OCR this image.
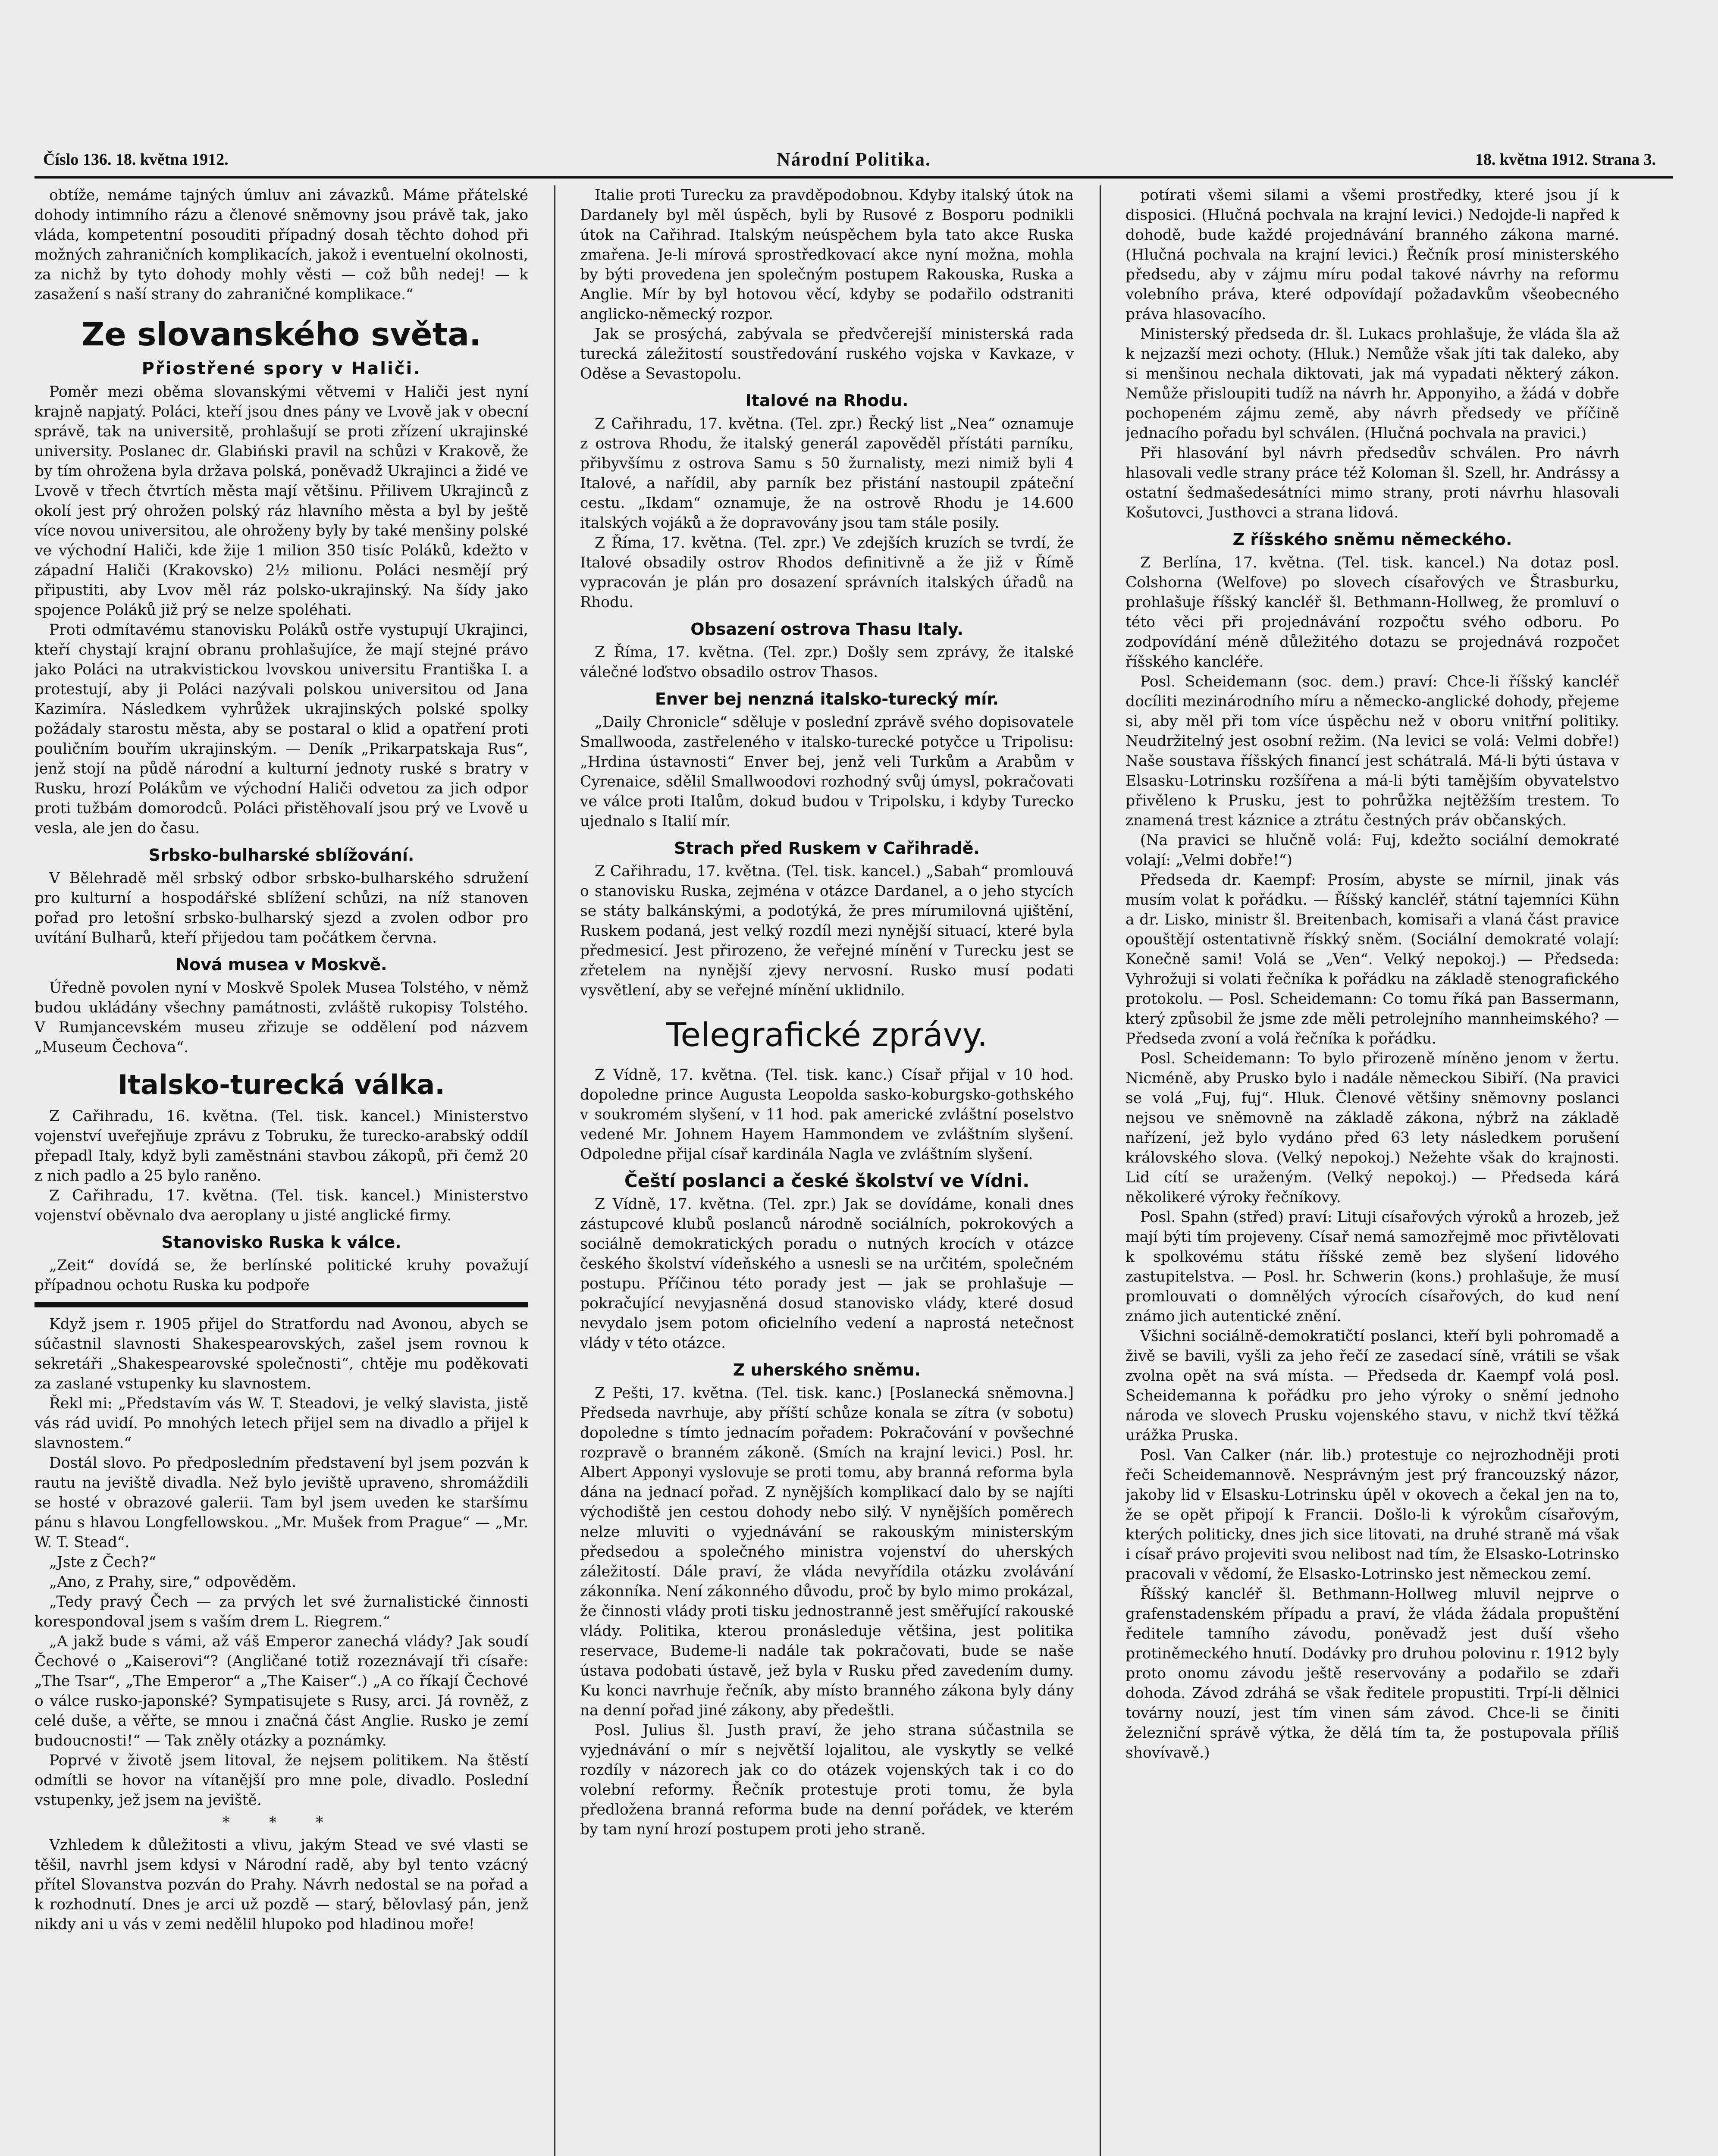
Číslo 136. 18. května 1912.	Národní Politika.	18. května 1912. Strana 3.

obtíže, nemáme tajných úmluv ani závazků. Máme přátelské dohody intimního rázu a členové sněmovny jsou právě tak, jako vláda, kompetentní posouditi případný dosah těchto dohod při možných zahraničních komplikacích, jakož i eventuelní okolnosti, za nichž by tyto dohody mohly věsti — což bůh nedej! — k zasažení s naší strany do zahraničné komplikace.“

Ze slovanského světa.
Přiostřené spory v Haliči.

Poměr mezi oběma slovanskými větvemi v Haliči jest nyní krajně napjatý. Poláci, kteří jsou dnes pány ve Lvově jak v obecní správě, tak na universitě, prohlašují se proti zřízení ukrajinské university. Poslanec dr. Glabiński pravil na schůzi v Krakově, že by tím ohrožena byla država polská, poněvadž Ukrajinci a židé ve Lvově v třech čtvrtích města mají většinu. Přilivem Ukrajinců z okolí jest prý ohrožen polský ráz hlavního města a byl by ještě více novou universitou, ale ohroženy byly by také menšiny polské ve východní Haliči, kde žije 1 milion 350 tisíc Poláků, kdežto v západní Haliči (Krakovsko) 2½ milionu. Poláci nesmějí prý připustiti, aby Lvov měl ráz polsko-ukrajinský. Na šídy jako spojence Poláků již prý se nelze spoléhati.

Proti odmítavému stanovisku Poláků ostře vystupují Ukrajinci, kteří chystají krajní obranu prohlašujíce, že mají stejné právo jako Poláci na utrakvistickou lvovskou universitu Františka I. a protestují, aby ji Poláci nazývali polskou universitou od Jana Kazimíra. Následkem vyhrůžek ukrajinských polské spolky požádaly starostu města, aby se postaral o klid a opatření proti pouličním bouřím ukrajinským. — Deník „Prikarpatskaja Rus“, jenž stojí na půdě národní a kulturní jednoty ruské s bratry v Rusku, hrozí Polákům ve východní Haliči odvetou za jich odpor proti tužbám domorodců. Poláci přistěhovalí jsou prý ve Lvově u vesla, ale jen do času.

Srbsko-bulharské sblížování.

V Bělehradě měl srbský odbor srbsko-bulharského sdružení pro kulturní a hospodářské sblížení schůzi, na níž stanoven pořad pro letošní srbsko-bulharský sjezd a zvolen odbor pro uvítání Bulharů, kteří přijedou tam počátkem června.

Nová musea v Moskvě.

Úředně povolen nyní v Moskvě Spolek Musea Tolstého, v němž budou ukládány všechny památnosti, zvláště rukopisy Tolstého. V Rumjancevském museu zřizuje se oddělení pod názvem „Museum Čechova“.

Italsko-turecká válka.

Z Cařihradu, 16. května. (Tel. tisk. kancel.) Ministerstvo vojenství uveřejňuje zprávu z Tobruku, že turecko-arabský oddíl přepadl Italy, když byli zaměstnáni stavbou zákopů, při čemž 20 z nich padlo a 25 bylo raněno.

Z Cařihradu, 17. května. (Tel. tisk. kancel.) Ministerstvo vojenství oběvnalo dva aeroplany u jisté anglické firmy.

Stanovisko Ruska k válce.

„Zeit“ dovídá se, že berlínské politické kruhy považují případnou ochotu Ruska ku podpoře

Když jsem r. 1905 přijel do Stratfordu nad Avonou, abych se súčastnil slavnosti Shakespearovských, zašel jsem rovnou k sekretáři „Shakespearovské společnosti“, chtěje mu poděkovati za zaslané vstupenky ku slavnostem.

Řekl mi: „Představím vás W. T. Steadovi, je velký slavista, jistě vás rád uvidí. Po mnohých letech přijel sem na divadlo a přijel k slavnostem.“

Dostál slovo. Po předposledním představení byl jsem pozván k rautu na jeviště divadla. Než bylo jeviště upraveno, shromáždili se hosté v obrazové galerii. Tam byl jsem uveden ke staršímu pánu s hlavou Longfellowskou. „Mr. Mušek from Prague“ — „Mr. W. T. Stead“.

„Jste z Čech?“

„Ano, z Prahy, sire,“ odpověděm.

„Tedy pravý Čech — za prvých let své žurnalistické činnosti korespondoval jsem s vaším drem L. Riegrem.“

„A jakž bude s vámi, až váš Emperor zanechá vlády? Jak soudí Čechové o „Kaiserovi“? (Angličané totiž rozeznávají tři císaře: „The Tsar“, „The Emperor“ a „The Kaiser“.) „A co říkají Čechové o válce rusko-japonské? Sympatisujete s Rusy, arci. Já rovněž, z celé duše, a věřte, se mnou i značná část Anglie. Rusko je zemí budoucnosti!“ — Tak zněly otázky a poznámky.

Poprvé v životě jsem litoval, že nejsem politikem. Na štěstí odmítli se hovor na vítanější pro mne pole, divadlo. Poslední vstupenky, jež jsem na jeviště.

* * *

Vzhledem k důležitosti a vlivu, jakým Stead ve své vlasti se těšil, navrhl jsem kdysi v Národní radě, aby byl tento vzácný přítel Slovanstva pozván do Prahy. Návrh nedostal se na pořad a k rozhodnutí. Dnes je arci už pozdě — starý, bělovlasý pán, jenž nikdy ani u vás v zemi nedělil hlupoko pod hladinou moře!

Italie proti Turecku za pravděpodobnou. Kdyby italský útok na Dardanely byl měl úspěch, byli by Rusové z Bosporu podnikli útok na Cařihrad. Italským neúspěchem byla tato akce Ruska zmařena. Je-li mírová sprostředkovací akce nyní možna, mohla by býti provedena jen společným postupem Rakouska, Ruska a Anglie. Mír by byl hotovou věcí, kdyby se podařilo odstraniti anglicko-německý rozpor.

Jak se prosýchá, zabývala se předvčerejší ministerská rada turecká záležitostí soustředování ruského vojska v Kavkaze, v Oděse a Sevastopolu.

Italové na Rhodu.

Z Cařihradu, 17. května. (Tel. zpr.) Řecký list „Nea“ oznamuje z ostrova Rhodu, že italský generál zapověděl přístáti parníku, přibyvšímu z ostrova Samu s 50 žurnalisty, mezi nimiž byli 4 Italové, a nařídil, aby parník bez přistání nastoupil zpáteční cestu. „Ikdam“ oznamuje, že na ostrově Rhodu je 14.600 italských vojáků a že dopravovány jsou tam stále posily.

Z Říma, 17. května. (Tel. zpr.) Ve zdejších kruzích se tvrdí, že Italové obsadily ostrov Rhodos definitivně a že již v Římě vypracován je plán pro dosazení správních italských úřadů na Rhodu.

Obsazení ostrova Thasu Italy.

Z Říma, 17. května. (Tel. zpr.) Došly sem zprávy, že italské válečné loďstvo obsadilo ostrov Thasos.

Enver bej nenzná italsko-turecký mír.

„Daily Chronicle“ sděluje v poslední zprávě svého dopisovatele Smallwooda, zastřeleného v italsko-turecké potyčce u Tripolisu: „Hrdina ústavnosti“ Enver bej, jenž veli Turkům a Arabům v Cyrenaice, sdělil Smallwoodovi rozhodný svůj úmysl, pokračovati ve válce proti Italům, dokud budou v Tripolsku, i kdyby Turecko ujednalo s Italií mír.

Strach před Ruskem v Cařihradě.

Z Cařihradu, 17. května. (Tel. tisk. kancel.) „Sabah“ promlouvá o stanovisku Ruska, zejména v otázce Dardanel, a o jeho stycích se státy balkánskými, a podotýká, že pres mírumilovná ujištění, Ruskem podaná, jest velký rozdíl mezi nynější situací, které byla předmesicí. Jest přirozeno, že veřejné mínění v Turecku jest se zřetelem na nynější zjevy nervosní. Rusko musí podati vysvětlení, aby se veřejné mínění uklidnilo.

Telegrafické zprávy.

Z Vídně, 17. května. (Tel. tisk. kanc.) Císař přijal v 10 hod. dopoledne prince Augusta Leopolda sasko-koburgsko-gothského v soukromém slyšení, v 11 hod. pak americké zvláštní poselstvo vedené Mr. Johnem Hayem Hammondem ve zvláštním slyšení. Odpoledne přijal císař kardinála Nagla ve zvláštním slyšení.

Čeští poslanci a české školství ve Vídni.

Z Vídně, 17. května. (Tel. zpr.) Jak se dovídáme, konali dnes zástupcové klubů poslanců národně sociálních, pokrokových a sociálně demokratických poradu o nutných krocích v otázce českého školství vídeňského a usnesli se na určitém, společném postupu. Příčinou této porady jest — jak se prohlašuje — pokračující nevyjasněná dosud stanovisko vlády, které dosud nevydalo jsem potom oficielního vedení a naprostá netečnost vlády v této otázce.

Z uherského sněmu.

Z Pešti, 17. května. (Tel. tisk. kanc.) [Poslanecká sněmovna.] Předseda navrhuje, aby příští schůze konala se zítra (v sobotu) dopoledne s tímto jednacím pořadem: Pokračování v povšechné rozpravě o branném zákoně. (Smích na krajní levici.) Posl. hr. Albert Apponyi vyslovuje se proti tomu, aby branná reforma byla dána na jednací pořad. Z nynějších komplikací dalo by se najíti východiště jen cestou dohody nebo silý. V nynějších poměrech nelze mluviti o vyjednávání se rakouským ministerským předsedou a společného ministra vojenství do uherských záležitostí. Dále praví, že vláda nevyřídila otázku zvolávání zákonníka. Není zákonného důvodu, proč by bylo mimo prokázal, že činnosti vlády proti tisku jednostranně jest směřující rakouské vlády. Politika, kterou pronásleduje většina, jest politika reservace, Budeme-li nadále tak pokračovati, bude se naše ústava podobati ústavě, jež byla v Rusku před zavedením dumy. Ku konci navrhuje řečník, aby místo branného zákona byly dány na denní pořad jiné zákony, aby předeštli.

Posl. Julius šl. Justh praví, že jeho strana súčastnila se vyjednávání o mír s největší lojalitou, ale vyskytly se velké rozdíly v názorech jak co do otázek vojenských tak i co do volební reformy. Řečník protestuje proti tomu, že byla předložena branná reforma bude na denní pořádek, ve kterém by tam nyní hrozí postupem proti jeho straně.

potírati všemi silami a všemi prostředky, které jsou jí k disposici. (Hlučná pochvala na krajní levici.) Nedojde-li napřed k dohodě, bude každé projednávání branného zákona marné. (Hlučná pochvala na krajní levici.) Řečník prosí ministerského předsedu, aby v zájmu míru podal takové návrhy na reformu volebního práva, které odpovídají požadavkům všeobecného práva hlasovacího.

Ministerský předseda dr. šl. Lukacs prohlašuje, že vláda šla až k nejzazší mezi ochoty. (Hluk.) Nemůže však jíti tak daleko, aby si menšinou nechala diktovati, jak má vypadati některý zákon. Nemůže přisloupiti tudíž na návrh hr. Apponyiho, a žádá v dobře pochopeném zájmu země, aby návrh předsedy ve příčině jednacího pořadu byl schválen. (Hlučná pochvala na pravici.)

Při hlasování byl návrh předsedův schválen. Pro návrh hlasovali vedle strany práce též Koloman šl. Szell, hr. Andrássy a ostatní šedmašedesátníci mimo strany, proti návrhu hlasovali Košutovci, Justhovci a strana lidová.

Z říšského sněmu německého.

Z Berlína, 17. května. (Tel. tisk. kancel.) Na dotaz posl. Colshorna (Welfove) po slovech císařových ve Štrasburku, prohlašuje říšský kancléř šl. Bethmann-Hollweg, že promluví o této věci při projednávání rozpočtu svého odboru. Po zodpovídání méně důležitého dotazu se projednává rozpočet říšského kancléře.

Posl. Scheidemann (soc. dem.) praví: Chce-li říšský kancléř docíliti mezinárodního míru a německo-anglické dohody, přejeme si, aby měl při tom více úspěchu než v oboru vnitřní politiky. Neudržitelný jest osobní režim. (Na levici se volá: Velmi dobře!) Naše soustava říšských financí jest schátralá. Má-li býti ústava v Elsasku-Lotrinsku rozšířena a má-li býti tamějším obyvatelstvo přivěleno k Prusku, jest to pohrůžka nejtěžším trestem. To znamená trest káznice a ztrátu čestných práv občanských.

(Na pravici se hlučně volá: Fuj, kdežto sociální demokraté volají: „Velmi dobře!“)

Předseda dr. Kaempf: Prosím, abyste se mírnil, jinak vás musím volat k pořádku. — Říšský kancléř, státní tajemníci Kühn a dr. Lisko, ministr šl. Breitenbach, komisaři a vlaná část pravice opouštějí ostentativně řískký sněm. (Sociální demokraté volají: Konečně sami! Volá se „Ven“. Velký nepokoj.) — Předseda: Vyhrožuji si volati řečníka k pořádku na základě stenografického protokolu. — Posl. Scheidemann: Co tomu říká pan Bassermann, který způsobil že jsme zde měli petrolejního mannheimského? — Předseda zvoní a volá řečníka k pořádku.

Posl. Scheidemann: To bylo přirozeně míněno jenom v žertu. Nicméně, aby Prusko bylo i nadále německou Sibiří. (Na pravici se volá „Fuj, fuj“. Hluk. Členové většiny sněmovny poslanci nejsou ve sněmovně na základě zákona, nýbrž na základě nařízení, jež bylo vydáno před 63 lety následkem porušení královského slova. (Velký nepokoj.) Nežehte však do krajnosti. Lid cítí se uraženým. (Velký nepokoj.) — Předseda kárá několikeré výroky řečníkovy.

Posl. Spahn (střed) praví: Lituji císařových výroků a hrozeb, jež mají býti tím projeveny. Císař nemá samozřejmě moc přivtělovati k spolkovému státu říšské země bez slyšení lidového zastupitelstva. — Posl. hr. Schwerin (kons.) prohlašuje, že musí promlouvati o domnělých výrocích císařových, do kud není známo jich autentické znění.

Všichni sociálně-demokratičtí poslanci, kteří byli pohromadě a živě se bavili, vyšli za jeho řečí ze zasedací síně, vrátili se však zvolna opět na svá místa. — Předseda dr. Kaempf volá posl. Scheidemanna k pořádku pro jeho výroky o sněmí jednoho národa ve slovech Prusku vojenského stavu, v nichž tkví těžká urážka Pruska.

Posl. Van Calker (nár. lib.) protestuje co nejrozhodněji proti řeči Scheidemannově. Nesprávným jest prý francouzský názor, jakoby lid v Elsasku-Lotrinsku úpěl v okovech a čekal jen na to, že se opět připojí k Francii. Došlo-li k výrokům císařovým, kterých politicky, dnes jich sice litovati, na druhé straně má však i císař právo projeviti svou nelibost nad tím, že Elsasko-Lotrinsko pracovali v vědomí, že Elsasko-Lotrinsko jest německou zemí.

Říšský kancléř šl. Bethmann-Hollweg mluvil nejprve o grafenstadenském případu a praví, že vláda žádala propuštění ředitele tamního závodu, poněvadž jest duší všeho protiněmeckého hnutí. Dodávky pro druhou polovinu r. 1912 byly proto onomu závodu ještě reservovány a podařilo se zdaři dohoda. Závod zdráhá se však ředitele propustiti. Trpí-li dělnici továrny nouzí, jest tím vinen sám závod. Chce-li se činiti železniční správě výtka, že dělá tím ta, že postupovala příliš shovívavě.)
